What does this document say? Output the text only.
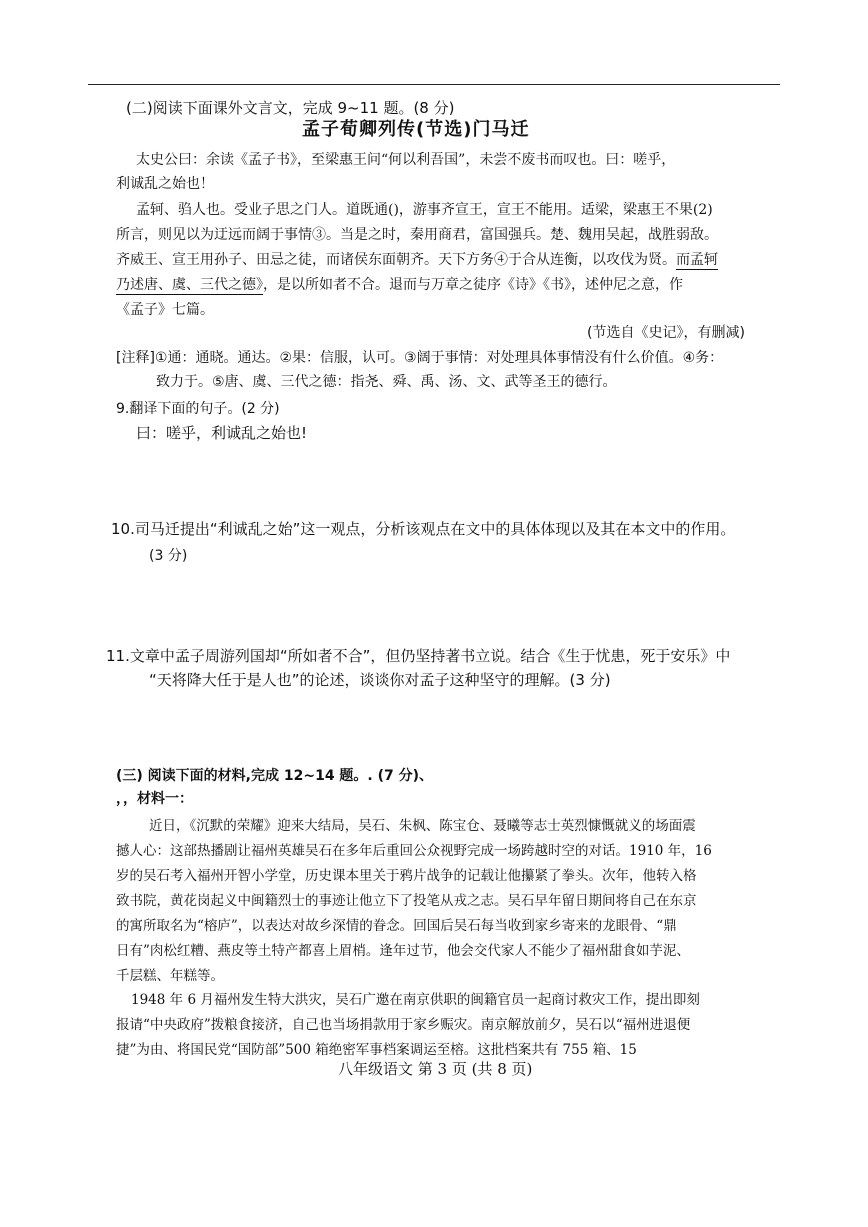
(二)阅读下面课外文言文，完成 9~11 题。(8 分)
孟子荀卿列传(节选)门马迁
太史公曰：余读《孟子书》，至梁惠王问“何以利吾国”，未尝不废书而叹也。曰：嗟乎，
利诚乱之始也！
孟轲、驺人也。受业子思之门人。道既通()，游事齐宣王，宣王不能用。适梁，梁惠王不果(2)
所言，则见以为迂远而阔于事情③。当是之时，秦用商君，富国强兵。楚、魏用吴起，战胜弱敌。
齐威王、宣王用孙子、田忌之徒，而诸侯东面朝齐。天下方务④于合从连衡，以攻伐为贤。而孟轲
乃述唐、虞、三代之德》，是以所如者不合。退而与万章之徒序《诗》《书》，述仲尼之意，作
《孟子》七篇。
(节选自《史记》，有删减)
[注释]①通：通晓。通达。②果：信服，认可。③阔于事情：对处理具体事情没有什么价值。④务：
致力于。⑤唐、虞、三代之德：指尧、舜、禹、汤、文、武等圣王的德行。
9.翻译下面的句子。(2 分)
曰：嗟乎，利诚乱之始也!
10.司马迁提出“利诚乱之始”这一观点，分析该观点在文中的具体体现以及其在本文中的作用。
(3 分)
11.文章中孟子周游列国却“所如者不合”，但仍坚持著书立说。结合《生于忧患，死于安乐》中
“天将降大任于是人也”的论述，谈谈你对孟子这种坚守的理解。(3 分)
(三) 阅读下面的材料,完成 12~14 题。. (7 分)、
，，材料一：
近日，《沉默的荣耀》迎来大结局，吴石、朱枫、陈宝仓、聂曦等志士英烈慷慨就义的场面震
撼人心：这部热播剧让福州英雄吴石在多年后重回公众视野完成一场跨越时空的对话。1910 年，16
岁的吴石考入福州开智小学堂，历史课本里关于鸦片战争的记载让他攥紧了拳头。次年，他转入格
致书院，黄花岗起义中闽籍烈士的事迹让他立下了投笔从戎之志。吴石早年留日期间将自己在东京
的寓所取名为“榕庐”，以表达对故乡深情的眷念。回国后吴石每当收到家乡寄来的龙眼骨、“鼎
日有”肉松红糟、燕皮等土特产都喜上眉梢。逢年过节，他会交代家人不能少了福州甜食如芋泥、
千层糕、年糕等。
1948 年 6 月福州发生特大洪灾，吴石广邀在南京供职的闽籍官员一起商讨救灾工作，提出即刻
报请“中央政府”拨粮食接济，自己也当场捐款用于家乡赈灾。南京解放前夕，吴石以“福州进退便
捷”为由、将国民党“国防部”500 箱绝密军事档案调运至榕。这批档案共有 755 箱、15
八年级语文 第 3 页 (共 8 页)
